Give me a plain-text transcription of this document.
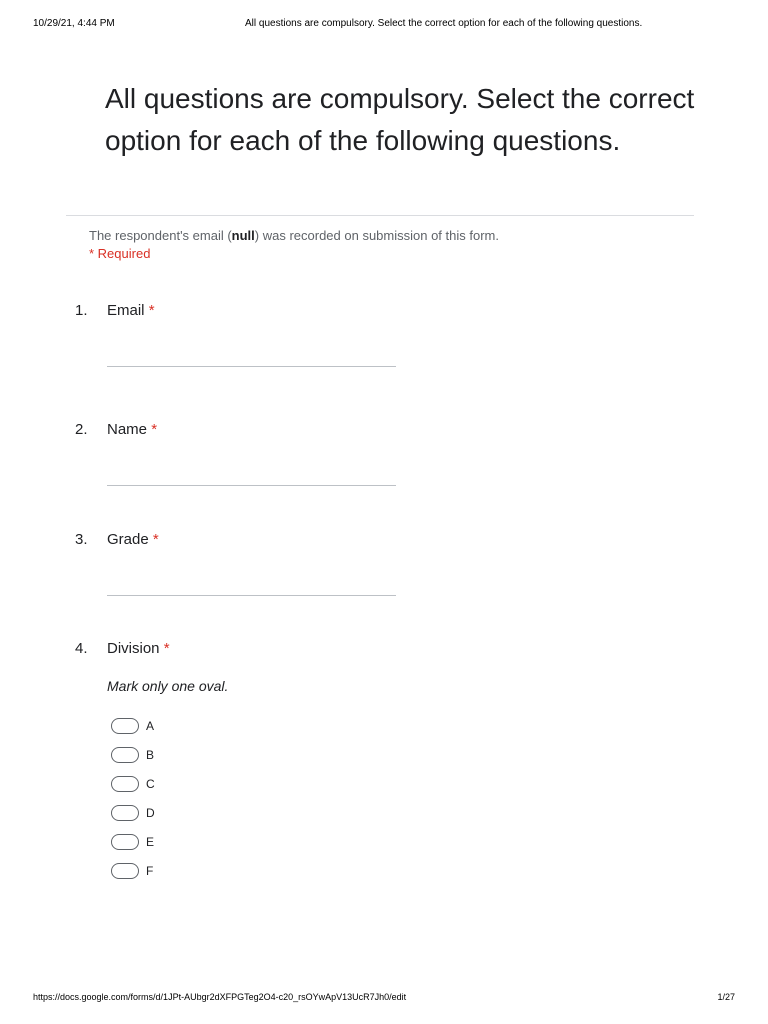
10/29/21, 4:44 PM	All questions are compulsory. Select the correct option for each of the following questions.
All questions are compulsory. Select the correct option for each of the following questions.
The respondent's email (null) was recorded on submission of this form.
* Required
1. Email *
2. Name *
3. Grade *
4. Division *
Mark only one oval.
A
B
C
D
E
F
https://docs.google.com/forms/d/1JPt-AUbgr2dXFPGTeg2O4-c20_rsOYwApV13UcR7Jh0/edit	1/27
